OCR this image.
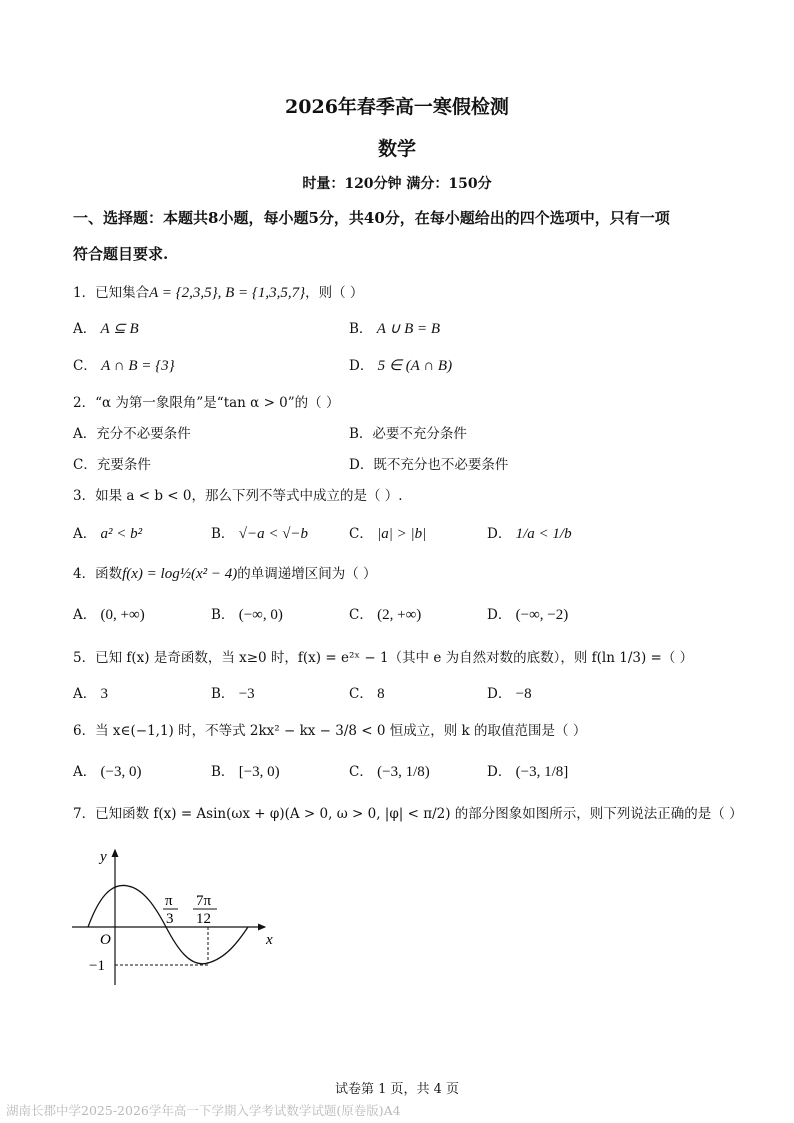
2026年春季高一寒假检测
数学
时量：120分钟 满分：150分
一、选择题：本题共8小题，每小题5分，共40分，在每小题给出的四个选项中，只有一项
符合题目要求.
1．已知集合A = {2,3,5}, B = {1,3,5,7}，则（ ）
A． A ⊆ B	B． A ∪ B = B
C． A ∩ B = {3}	D． 5 ∈ (A ∩ B)
2．“α 为第一象限角”是“tan α > 0”的（ ）
A．充分不必要条件	B．必要不充分条件
C．充要条件	D．既不充分也不必要条件
3．如果 a < b < 0，那么下列不等式中成立的是（ ）.
A． a² < b²	B． √−a < √−b	C． |a| > |b|	D． 1/a < 1/b
4．函数f(x) = log½(x² − 4)的单调递增区间为（ ）
A． (0, +∞)	B． (−∞, 0)	C． (2, +∞)	D． (−∞, −2)
5．已知 f(x) 是奇函数，当 x≥0 时，f(x) = e²ˣ − 1（其中 e 为自然对数的底数），则 f(ln 1/3) =（ ）
A． 3	B． −3	C． 8	D． −8
6．当 x∈(−1,1) 时，不等式 2kx² − kx − 3/8 < 0 恒成立，则 k 的取值范围是（ ）
A． (−3, 0)	B． [−3, 0)	C． (−3, 1/8)	D． (−3, 1/8]
7．已知函数 f(x) = Asin(ωx + φ)(A > 0, ω > 0, |φ| < π/2) 的部分图象如图所示，则下列说法正确的是（ ）
y
x
O
π
3
7π
12
−1
试卷第 1 页，共 4 页
湖南长郡中学2025-2026学年高一下学期入学考试数学试题(原卷版)A4
